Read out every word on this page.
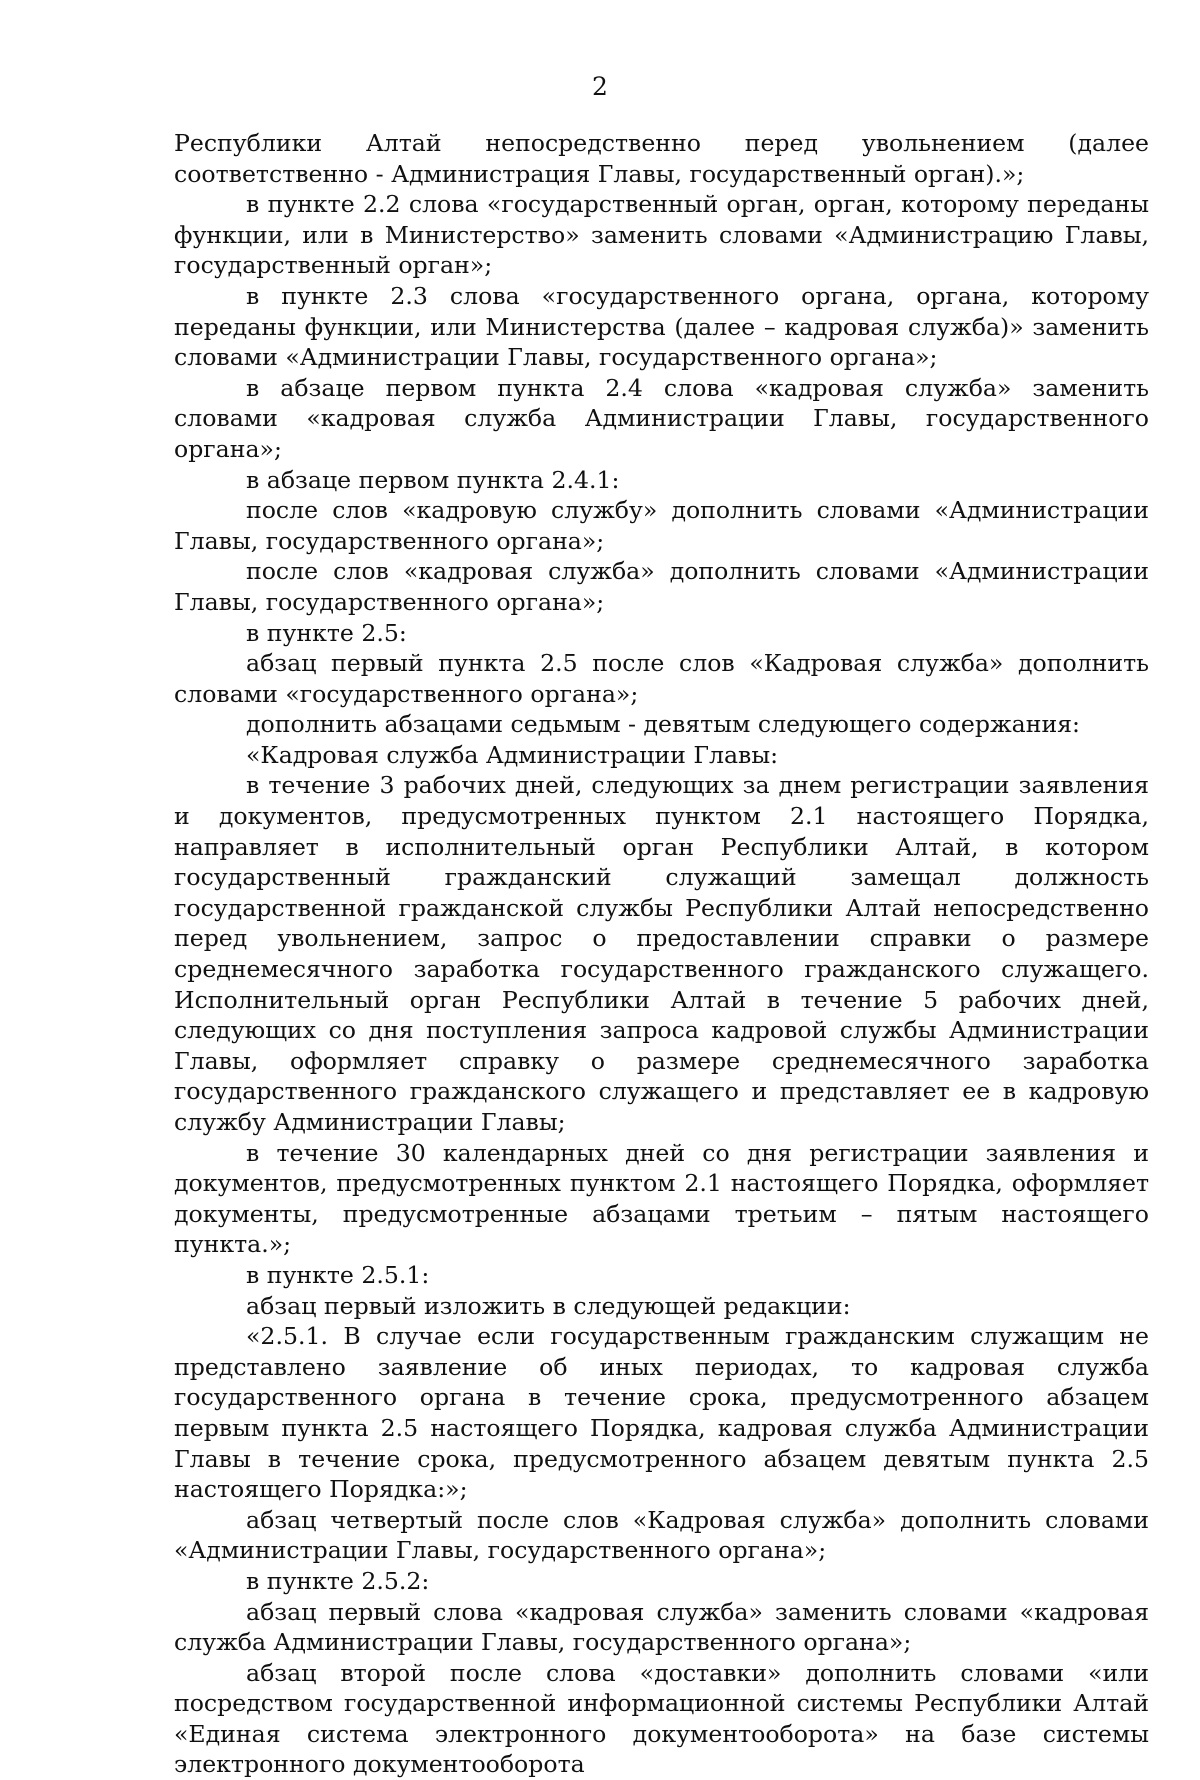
2

Республики Алтай непосредственно перед увольнением (далее соответственно - Администрация Главы, государственный орган).»;

в пункте 2.2 слова «государственный орган, орган, которому переданы функции, или в Министерство» заменить словами «Администрацию Главы, государственный орган»;

в пункте 2.3 слова «государственного органа, органа, которому переданы функции, или Министерства (далее – кадровая служба)» заменить словами «Администрации Главы, государственного органа»;

в абзаце первом пункта 2.4 слова «кадровая служба» заменить словами «кадровая служба Администрации Главы, государственного органа»;

в абзаце первом пункта 2.4.1:

после слов «кадровую службу» дополнить словами «Администрации Главы, государственного органа»;

после слов «кадровая служба» дополнить словами «Администрации Главы, государственного органа»;

в пункте 2.5:

абзац первый пункта 2.5 после слов «Кадровая служба» дополнить словами «государственного органа»;

дополнить абзацами седьмым - девятым следующего содержания:

«Кадровая служба Администрации Главы:

в течение 3 рабочих дней, следующих за днем регистрации заявления и документов, предусмотренных пунктом 2.1 настоящего Порядка, направляет в исполнительный орган Республики Алтай, в котором государственный гражданский служащий замещал должность государственной гражданской службы Республики Алтай непосредственно перед увольнением, запрос о предоставлении справки о размере среднемесячного заработка государственного гражданского служащего. Исполнительный орган Республики Алтай в течение 5 рабочих дней, следующих со дня поступления запроса кадровой службы Администрации Главы, оформляет справку о размере среднемесячного заработка государственного гражданского служащего и представляет ее в кадровую службу Администрации Главы;

в течение 30 календарных дней со дня регистрации заявления и документов, предусмотренных пунктом 2.1 настоящего Порядка, оформляет документы, предусмотренные абзацами третьим – пятым настоящего пункта.»;

в пункте 2.5.1:

абзац первый изложить в следующей редакции:

«2.5.1. В случае если государственным гражданским служащим не представлено заявление об иных периодах, то кадровая служба государственного органа в течение срока, предусмотренного абзацем первым пункта 2.5 настоящего Порядка, кадровая служба Администрации Главы в течение срока, предусмотренного абзацем девятым пункта 2.5 настоящего Порядка:»;

абзац четвертый после слов «Кадровая служба» дополнить словами «Администрации Главы, государственного органа»;

в пункте 2.5.2:

абзац первый слова «кадровая служба» заменить словами «кадровая служба Администрации Главы, государственного органа»;

абзац второй после слова «доставки» дополнить словами «или посредством государственной информационной системы Республики Алтай «Единая система электронного документооборота» на базе системы электронного документооборота
